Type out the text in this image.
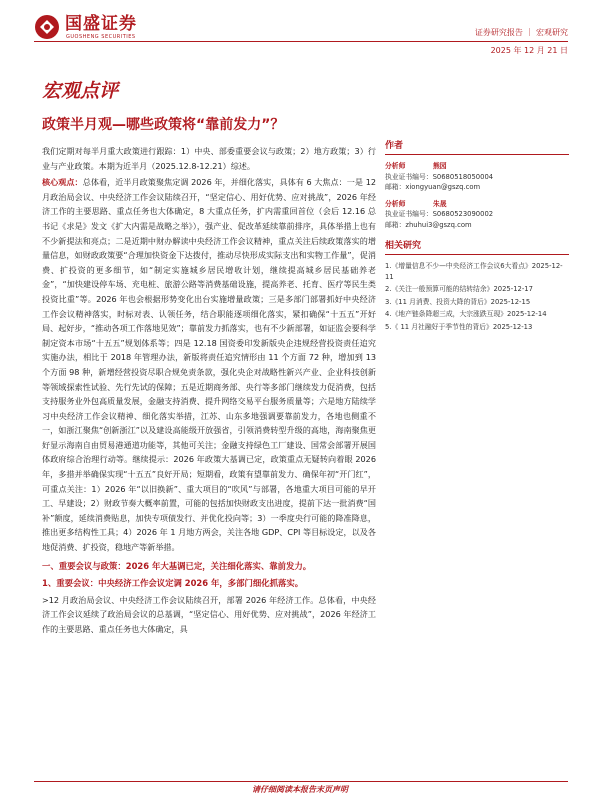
国盛证券
GUOSHENG SECURITIES	证券研究报告 ｜ 宏观研究
2025 年 12 月 21 日
宏观点评
政策半月观—哪些政策将“靠前发力”？

我们定期对每半月重大政策进行跟踪：1）中央、部委重要会议与政策；2）地方政策；3）行业与产业政策。本期为近半月（2025.12.8-12.21）综述。

核心观点：总体看，近半月政策聚焦定调 2026 年，并细化落实，具体有 6 大焦点：一是 12 月政治局会议、中央经济工作会议陆续召开，“坚定信心、用好优势、应对挑战”，2026 年经济工作的主要思路、重点任务也大体确定，8 大重点任务，扩内需重回首位（会后 12.16 总书记《求是》发文《扩大内需是战略之举》），强产业、促改革延续靠前排序，具体举措上也有不少新提法和亮点；二是近期中财办解读中央经济工作会议精神，重点关注后续政策落实的增量信息，如财政政策要“合理加快资金下达拨付，推动尽快形成实际支出和实物工作量”，促消费、扩投资的更多细节，如“制定实施城乡居民增收计划，继续提高城乡居民基础养老金”，“加快建设停车场、充电桩、旅游公路等消费基础设施，提高养老、托育、医疗等民生类投资比重”等。2026 年也会根据形势变化出台实施增量政策；三是多部门部署抓好中央经济工作会议精神落实，时标对表、认领任务，结合职能逐项细化落实，紧扣确保“十五五”开好局、起好步，“推动各项工作落地见效”；靠前发力抓落实，也有不少新部署，如证监会要科学制定资本市场“十五五”规划体系等；四是 12.18 国资委印发新版央企违规经营投资责任追究实施办法，相比于 2018 年管理办法，新版将责任追究情形由 11 个方面 72 种，增加到 13 个方面 98 种，新增经营投资尽职合规免责条款，强化央企对战略性新兴产业、企业科技创新等领域探索性试验、先行先试的保障；五是近期商务部、央行等多部门继续发力促消费，包括支持服务业外包高质量发展，金融支持消费、提升网络交易平台服务质量等；六是地方陆续学习中央经济工作会议精神、细化落实举措，江苏、山东多地强调要靠前发力，各地也侧重不一，如浙江聚焦“创新浙江”以及建设高能级开放强省，引领消费转型升级的高地，海南聚焦更好显示海南自由贸易港通道功能等，其他可关注；金融支持绿色工厂建设、国常会部署开展国体政府综合治理行动等。继续提示：2026 年政策大基调已定，政策重点无疑转向着眼 2026 年，多措并举确保实现“十五五”良好开局；短期看，政策有望靠前发力、确保年初“开门红”，可重点关注：1）2026 年“以旧换新”、重大项目的“吹风”与部署，各地重大项目可能的早开工、早建设；2）财政节奏大概率前置，可能的包括加快财政支出进度，提前下达一批消费“国补”额度，延续消费贴息，加快专项债发行、并优化投向等；3）一季度央行可能的降准降息，推出更多结构性工具；4）2026 年 1 月地方两会，关注各地 GDP、CPI 等目标设定，以及各地促消费、扩投资，稳地产等新举措。

一、重要会议与政策：2026 年大基调已定，关注细化落实、靠前发力。
1、重要会议：中央经济工作会议定调 2026 年，多部门细化抓落实。

>12 月政治局会议、中央经济工作会议陆续召开，部署 2026 年经济工作。总体看，中央经济工作会议延续了政治局会议的总基调，“坚定信心、用好优势、应对挑战”，2026 年经济工作的主要思路、重点任务也大体确定，具

作者
分析师	熊园
执业证书编号：S0680518050004
邮箱：xiongyuan@gszq.com
分析师	朱晟
执业证书编号：S0680523090002
邮箱：zhuhui3@gszq.com
相关研究
1.《增量信息不少—中央经济工作会议6大看点》2025-12-11
2.《关注一般预算可能的结转结余》2025-12-17
3.《11 月消费、投资大降的背后》2025-12-15
4.《地产链条降超三成，大宗涨跌互现》2025-12-14
5.《 11 月社融好于季节性的背后》2025-12-13
请仔细阅读本报告末页声明
